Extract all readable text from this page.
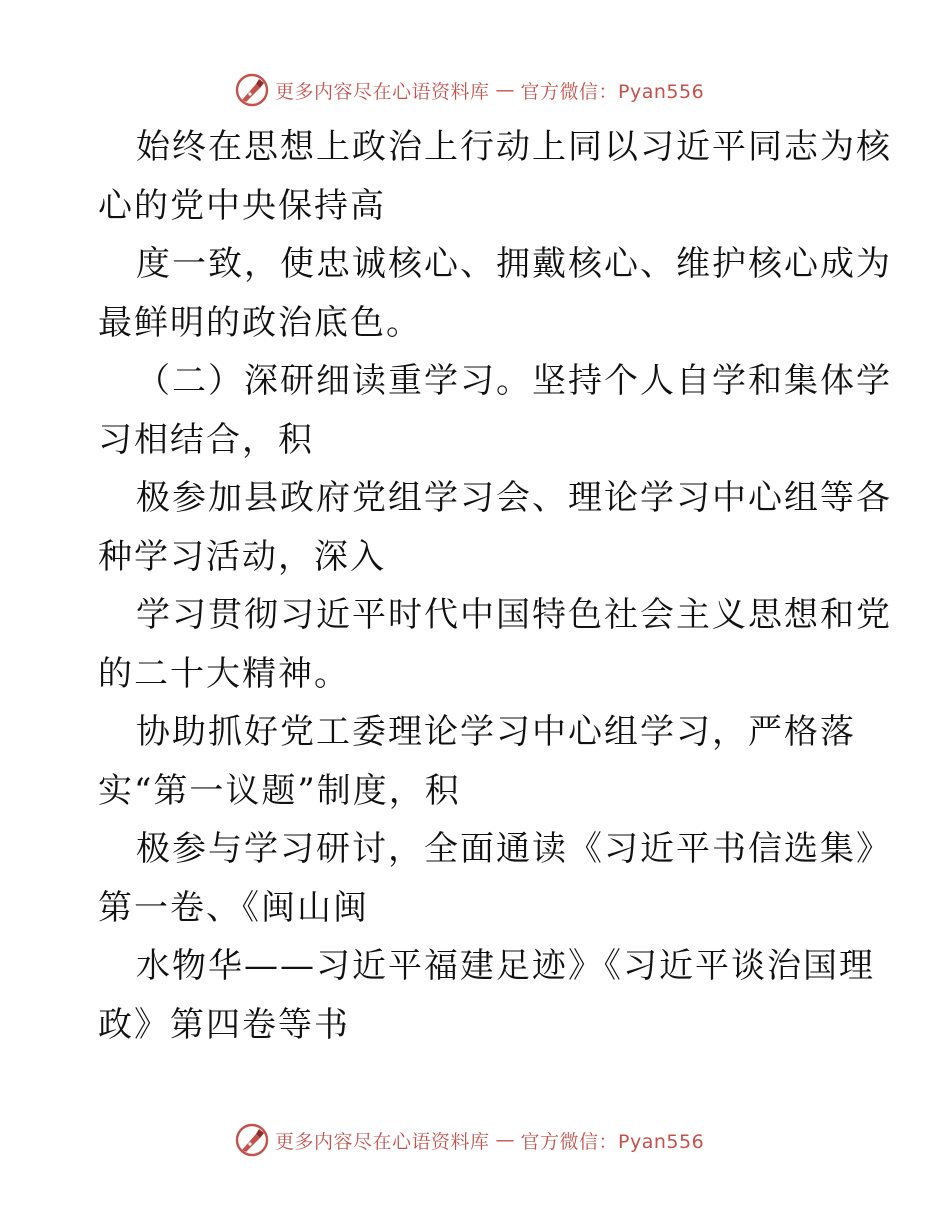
更多内容尽在心语资料库 — 官方微信：Pyan556

始终在思想上政治上行动上同以习近平同志为核
心的党中央保持高

度一致，使忠诚核心、拥戴核心、维护核心成为
最鲜明的政治底色。

（二）深研细读重学习。坚持个人自学和集体学
习相结合，积

极参加县政府党组学习会、理论学习中心组等各
种学习活动，深入

学习贯彻习近平时代中国特色社会主义思想和党
的二十大精神。

协助抓好党工委理论学习中心组学习，严格落
实“第一议题”制度，积

极参与学习研讨，全面通读《习近平书信选集》
第一卷、《闽山闽

水物华——习近平福建足迹》《习近平谈治国理
政》第四卷等书

更多内容尽在心语资料库 — 官方微信：Pyan556
